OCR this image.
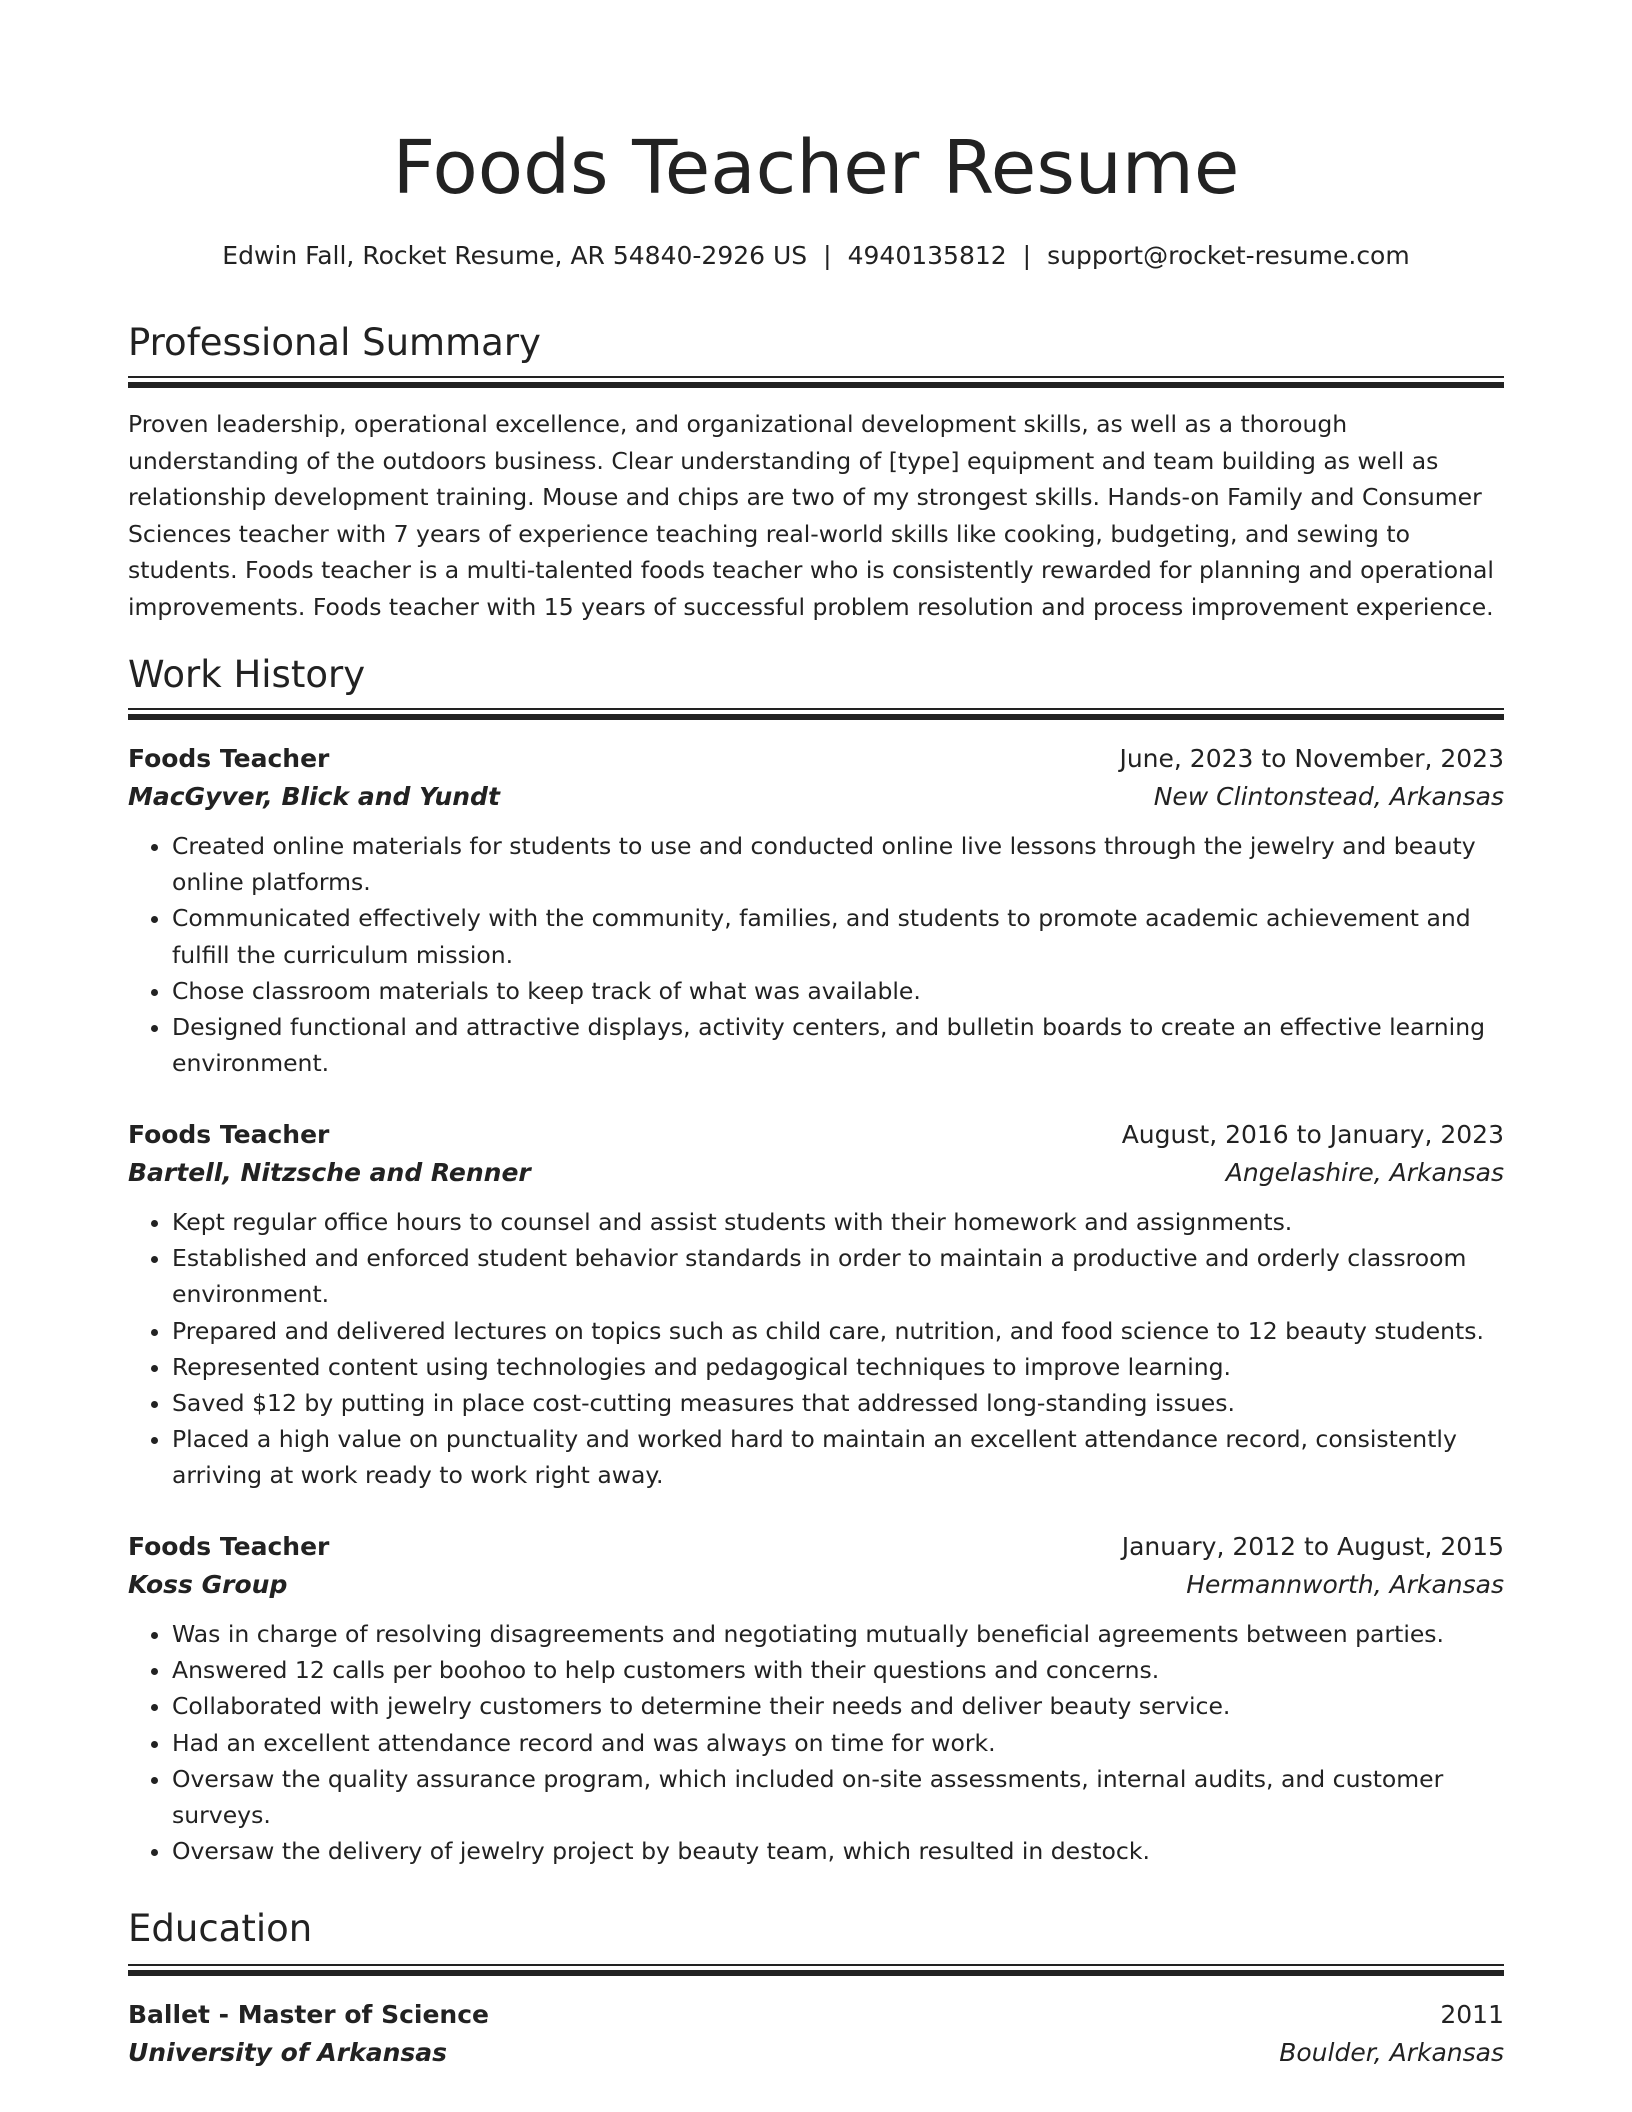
Foods Teacher Resume
Edwin Fall, Rocket Resume, AR 54840-2926 US | 4940135812 | support@rocket-resume.com
Professional Summary

Proven leadership, operational excellence, and organizational development skills, as well as a thorough understanding of the outdoors business. Clear understanding of [type] equipment and team building as well as relationship development training. Mouse and chips are two of my strongest skills. Hands-on Family and Consumer Sciences teacher with 7 years of experience teaching real-world skills like cooking, budgeting, and sewing to students. Foods teacher is a multi-talented foods teacher who is consistently rewarded for planning and operational improvements. Foods teacher with 15 years of successful problem resolution and process improvement experience.

Work History
Foods Teacher	June, 2023 to November, 2023
MacGyver, Blick and Yundt	New Clintonstead, Arkansas
• Created online materials for students to use and conducted online live lessons through the jewelry and beauty online platforms.
• Communicated effectively with the community, families, and students to promote academic achievement and fulfill the curriculum mission.
• Chose classroom materials to keep track of what was available.
• Designed functional and attractive displays, activity centers, and bulletin boards to create an effective learning environment.
Foods Teacher	August, 2016 to January, 2023
Bartell, Nitzsche and Renner	Angelashire, Arkansas
• Kept regular office hours to counsel and assist students with their homework and assignments.
• Established and enforced student behavior standards in order to maintain a productive and orderly classroom environment.
• Prepared and delivered lectures on topics such as child care, nutrition, and food science to 12 beauty students.
• Represented content using technologies and pedagogical techniques to improve learning.
• Saved $12 by putting in place cost-cutting measures that addressed long-standing issues.
• Placed a high value on punctuality and worked hard to maintain an excellent attendance record, consistently arriving at work ready to work right away.
Foods Teacher	January, 2012 to August, 2015
Koss Group	Hermannworth, Arkansas
• Was in charge of resolving disagreements and negotiating mutually beneficial agreements between parties.
• Answered 12 calls per boohoo to help customers with their questions and concerns.
• Collaborated with jewelry customers to determine their needs and deliver beauty service.
• Had an excellent attendance record and was always on time for work.
• Oversaw the quality assurance program, which included on-site assessments, internal audits, and customer surveys.
• Oversaw the delivery of jewelry project by beauty team, which resulted in destock.
Education
Ballet - Master of Science	2011
University of Arkansas	Boulder, Arkansas
